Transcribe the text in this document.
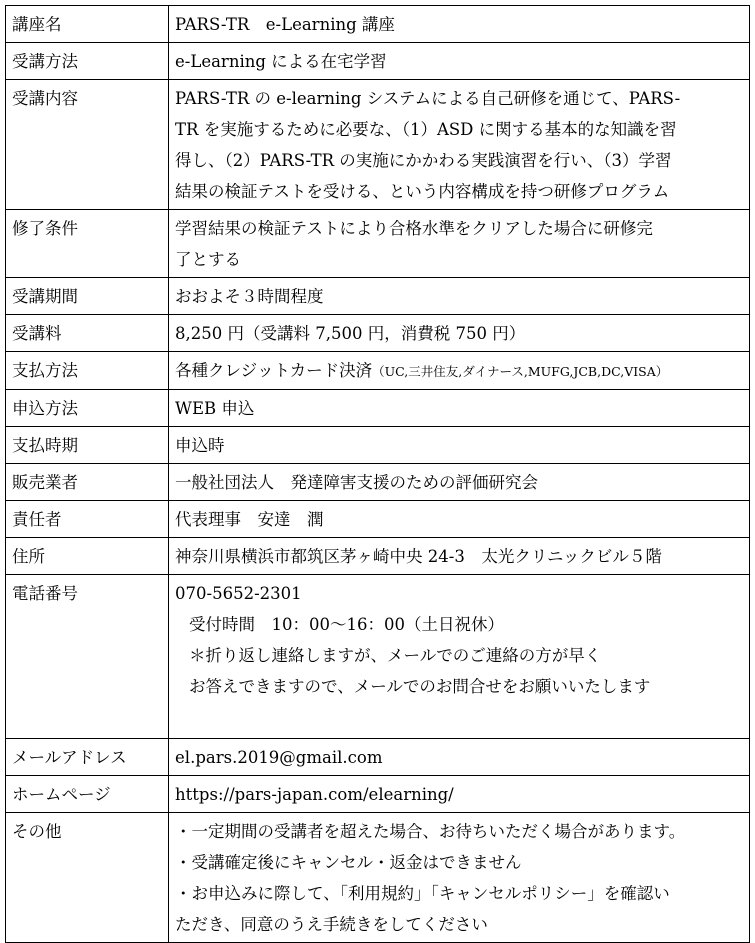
講座名	PARS-TR　e-Learning 講座
受講方法	e-Learning による在宅学習
受講内容	PARS-TR の e-learning システムによる自己研修を通じて、PARS-
TR を実施するために必要な、（1）ASD に関する基本的な知識を習
得し、（2）PARS-TR の実施にかかわる実践演習を行い、（3）学習
結果の検証テストを受ける、という内容構成を持つ研修プログラム

修了条件	学習結果の検証テストにより合格水準をクリアした場合に研修完
了とする

受講期間	おおよそ３時間程度
受講料	8,250 円（受講料 7,500 円，消費税 750 円）
支払方法	各種クレジットカード決済（UC,三井住友,ダイナース,MUFG,JCB,DC,VISA）
申込方法	WEB 申込
支払時期	申込時
販売業者	一般社団法人　発達障害支援のための評価研究会
責任者	代表理事　安達　潤
住所	神奈川県横浜市都筑区茅ヶ崎中央 24-3　太光クリニックビル５階
電話番号	070-5652-2301
受付時間　10：00～16：00（土日祝休）
＊折り返し連絡しますが、メールでのご連絡の方が早く
お答えできますので、メールでのお問合せをお願いいたします

メールアドレス	el.pars.2019@gmail.com
ホームページ	https://pars-japan.com/elearning/
その他	・一定期間の受講者を超えた場合、お待ちいただく場合があります。
・受講確定後にキャンセル・返金はできません
・お申込みに際して、「利用規約」「キャンセルポリシー」を確認い
ただき、同意のうえ手続きをしてください
